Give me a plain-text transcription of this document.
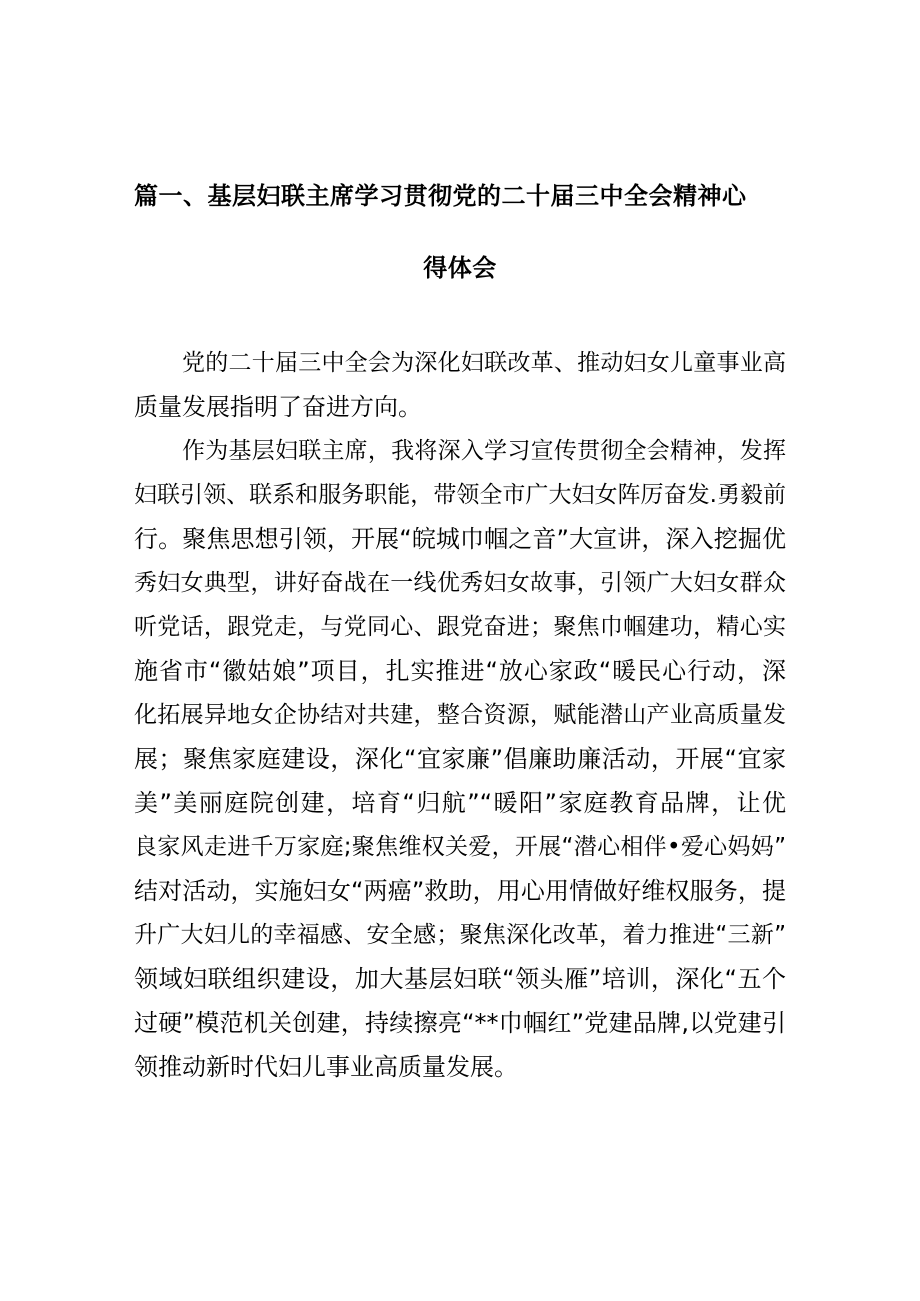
篇一、基层妇联主席学习贯彻党的二十届三中全会精神心
得体会
党的二十届三中全会为深化妇联改革、推动妇女儿童事业高
质量发展指明了奋进方向。
作为基层妇联主席，我将深入学习宣传贯彻全会精神，发挥
妇联引领、联系和服务职能，带领全市广大妇女阵厉奋发.勇毅前
行。聚焦思想引领，开展“皖城巾帼之音”大宣讲，深入挖掘优
秀妇女典型，讲好奋战在一线优秀妇女故事，引领广大妇女群众
听党话，跟党走，与党同心、跟党奋进；聚焦巾帼建功，精心实
施省市“徽姑娘”项目，扎实推进“放心家政“暖民心行动，深
化拓展异地女企协结对共建，整合资源，赋能潜山产业高质量发
展；聚焦家庭建设，深化“宜家廉”倡廉助廉活动，开展“宜家
美”美丽庭院创建，培育“归航”“暖阳”家庭教育品牌，让优
良家风走进千万家庭;聚焦维权关爱，开展“潜心相伴•爱心妈妈”
结对活动，实施妇女“两癌”救助，用心用情做好维权服务，提
升广大妇儿的幸福感、安全感；聚焦深化改革，着力推进“三新”
领域妇联组织建设，加大基层妇联“领头雁”培训，深化“五个
过硬”模范机关创建，持续擦亮“**巾帼红”党建品牌,以党建引
领推动新时代妇儿事业高质量发展。
